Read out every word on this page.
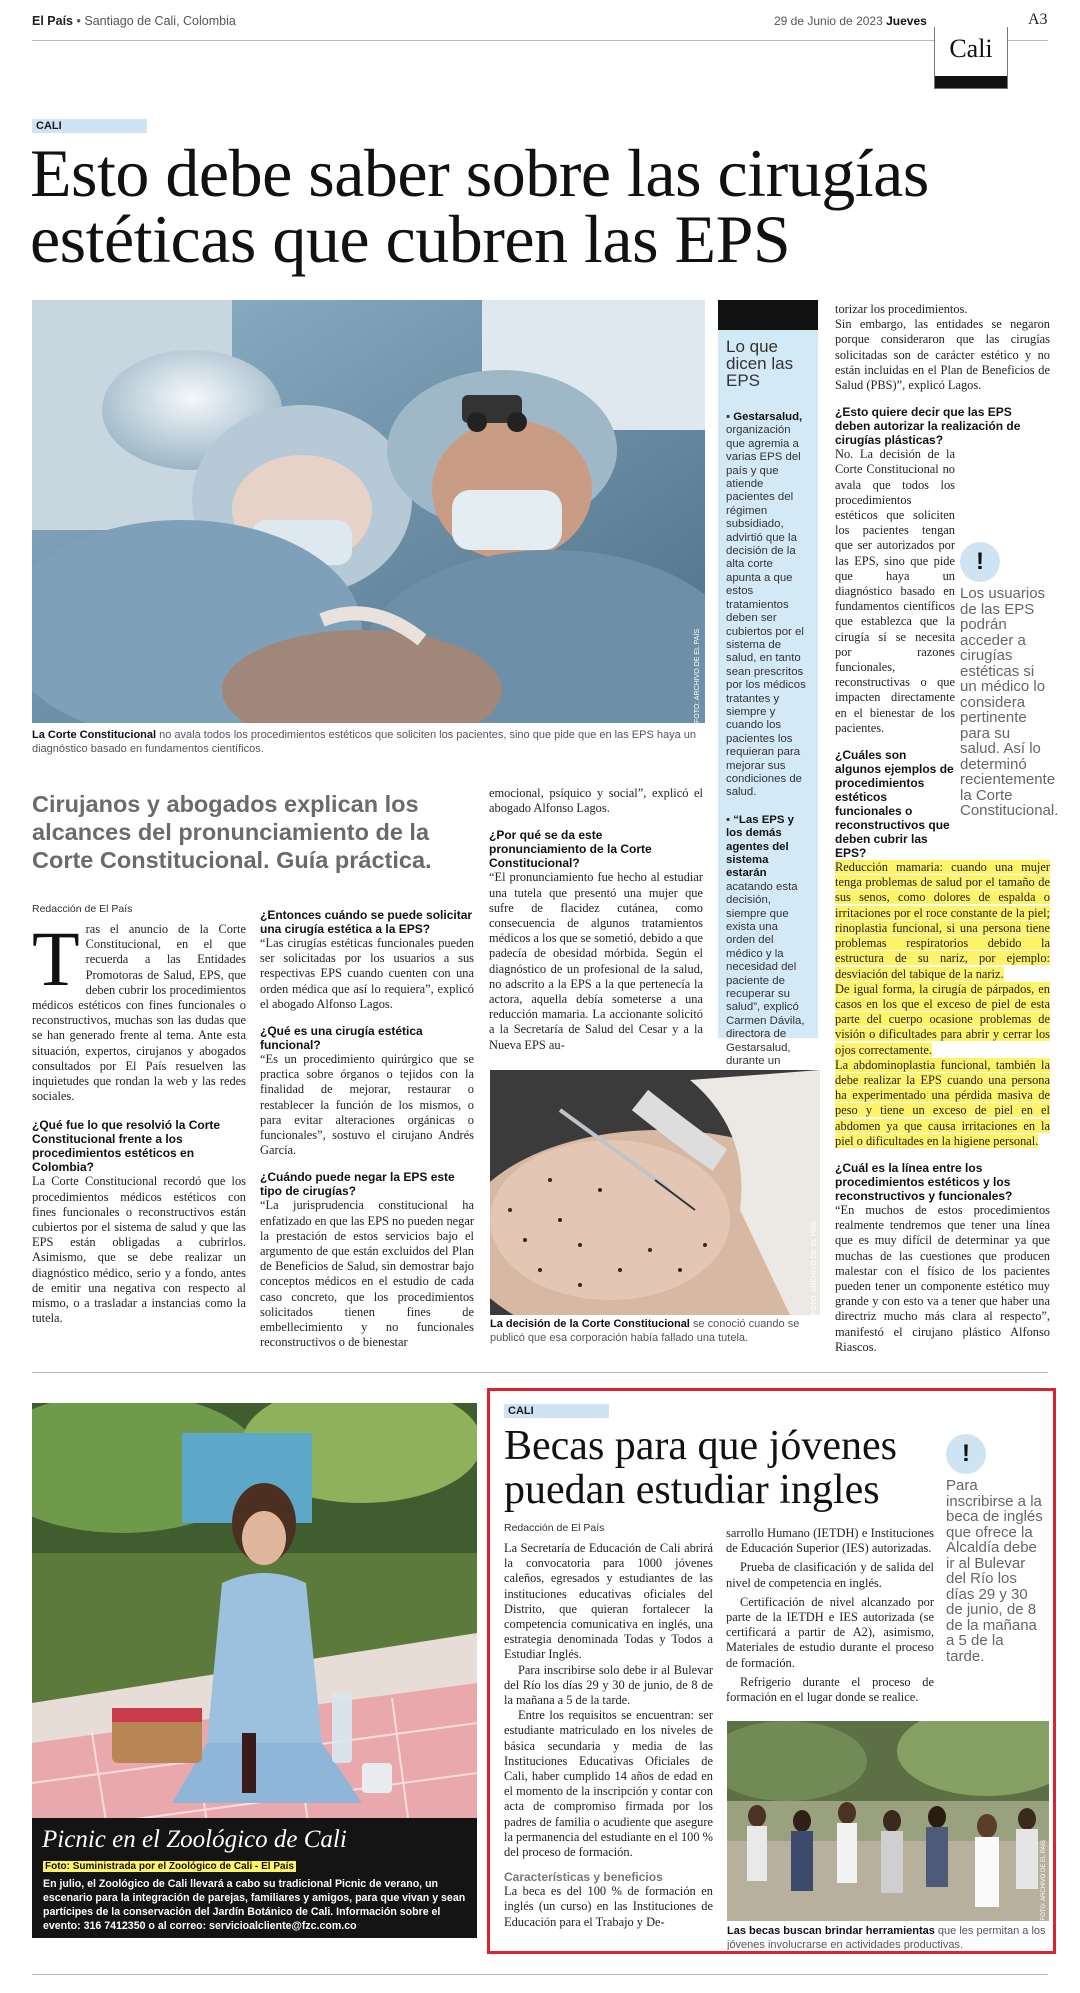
El País • Santiago de Cali, Colombia	29 de Junio de 2023 Jueves	A3
Cali
CALI
Esto debe saber sobre las cirugías estéticas que cubren las EPS
FOTO: ARCHIVO DE EL PAÍS
La Corte Constitucional no avala todos los procedimientos estéticos que soliciten los pacientes, sino que pide que en las EPS haya un diagnóstico basado en fundamentos científicos.
Cirujanos y abogados explican los alcances del pronunciamiento de la Corte Constitucional. Guía práctica.
Redacción de El País
T ras el anuncio de la Corte Constitucional, en el que recuerda a las Entidades Promotoras de Salud, EPS, que deben cubrir los procedimientos médicos estéticos con fines funcionales o reconstructivos, muchas son las dudas que se han generado frente al tema. Ante esta situación, expertos, cirujanos y abogados consultados por El País resuelven las inquietudes que rondan la web y las redes sociales.

¿Qué fue lo que resolvió la Corte Constitucional frente a los procedimientos estéticos en Colombia?

La Corte Constitucional recordó que los procedimientos médicos estéticos con fines funcionales o reconstructivos están cubiertos por el sistema de salud y que las EPS están obligadas a cubrirlos. Asimismo, que se debe realizar un diagnóstico médico, serio y a fondo, antes de emitir una negativa con respecto al mismo, o a trasladar a instancias como la tutela.

¿Entonces cuándo se puede solicitar una cirugía estética a la EPS?

“Las cirugías estéticas funcionales pueden ser solicitadas por los usuarios a sus respectivas EPS cuando cuenten con una orden médica que así lo requiera”, explicó el abogado Alfonso Lagos.

¿Qué es una cirugía estética funcional?

“Es un procedimiento quirúrgico que se practica sobre órganos o tejidos con la finalidad de mejorar, restaurar o restablecer la función de los mismos, o para evitar alteraciones orgánicas o funcionales”, sostuvo el cirujano Andrés García.

¿Cuándo puede negar la EPS este tipo de cirugías?

“La jurisprudencia constitucional ha enfatizado en que las EPS no pueden negar la prestación de estos servicios bajo el argumento de que están excluidos del Plan de Beneficios de Salud, sin demostrar bajo conceptos médicos en el estudio de cada caso concreto, que los procedimientos solicitados tienen fines de embellecimiento y no funcionales reconstructivos o de bienestar

emocional, psíquico y social”, explicó el abogado Alfonso Lagos.

¿Por qué se da este pronunciamiento de la Corte Constitucional?

“El pronunciamiento fue hecho al estudiar una tutela que presentó una mujer que sufre de flacidez cutánea, como consecuencia de algunos tratamientos médicos a los que se sometió, debido a que padecía de obesidad mórbida. Según el diagnóstico de un profesional de la salud, no adscrito a la EPS a la que pertenecía la actora, aquella debía someterse a una reducción mamaria. La accionante solicitó a la Secretaría de Salud del Cesar y a la Nueva EPS au-

Lo que dicen las EPS

▪ Gestarsalud, organización que agremia a varias EPS del país y que atiende pacientes del régimen subsidiado, advirtió que la decisión de la alta corte apunta a que estos tratamientos deben ser cubiertos por el sistema de salud, en tanto sean prescritos por los médicos tratantes y siempre y cuando los pacientes los requieran para mejorar sus condiciones de salud.

▪ “Las EPS y los demás agentes del sistema estarán acatando esta decisión, siempre que exista una orden del médico y la necesidad del paciente de recuperar su salud”, explicó Carmen Dávila, directora de Gestarsalud, durante un

FOTO: ARCHIVO DE EL PAÍS
La decisión de la Corte Constitucional se conoció cuando se publicó que esa corporación había fallado una tutela.

torizar los procedimientos.

Sin embargo, las entidades se negaron porque consideraron que las cirugías solicitadas son de carácter estético y no están incluidas en el Plan de Beneficios de Salud (PBS)”, explicó Lagos.

¿Esto quiere decir que las EPS deben autorizar la realización de cirugías plásticas?

No. La decisión de la Corte Constitucional no avala que todos los procedimientos estéticos que soliciten los pacientes tengan que ser autorizados por las EPS, sino que pide que haya un diagnóstico basado en fundamentos científicos que establezca que la cirugía sí se necesita por razones funcionales, reconstructivas o que impacten directamente en el bienestar de los pacientes.

¿Cuáles son algunos ejemplos de procedimientos estéticos funcionales o reconstructivos que deben cubrir las EPS?

Reducción mamaria: cuando una mujer tenga problemas de salud por el tamaño de sus senos, como dolores de espalda o irritaciones por el roce constante de la piel; rinoplastia funcional, si una persona tiene problemas respiratorios debido la estructura de su nariz, por ejemplo: desviación del tabique de la nariz.

De igual forma, la cirugía de párpados, en casos en los que el exceso de piel de esta parte del cuerpo ocasione problemas de visión o dificultades para abrir y cerrar los ojos correctamente.

La abdominoplastia funcional, también la debe realizar la EPS cuando una persona ha experimentado una pérdida masiva de peso y tiene un exceso de piel en el abdomen ya que causa irritaciones en la piel o dificultades en la higiene personal.

¿Cuál es la línea entre los procedimientos estéticos y los reconstructivos y funcionales?

“En muchos de estos procedimientos realmente tendremos que tener una línea que es muy difícil de determinar ya que muchas de las cuestiones que producen malestar con el físico de los pacientes pueden tener un componente estético muy grande y con esto va a tener que haber una directriz mucho más clara al respecto”, manifestó el cirujano plástico Alfonso Riascos.

!

Los usuarios de las EPS podrán acceder a cirugías estéticas si un médico lo considera pertinente para su salud. Así lo determinó recientemente la Corte Constitucional.

Picnic en el Zoológico de Cali
Foto: Suministrada por el Zoológico de Cali - El País
En julio, el Zoológico de Cali llevará a cabo su tradicional Picnic de verano, un escenario para la integración de parejas, familiares y amigos, para que vivan y sean partícipes de la conservación del Jardín Botánico de Cali. Información sobre el evento: 316 7412350 o al correo: servicioalcliente@fzc.com.co
CALI
Becas para que jóvenes puedan estudiar ingles
Redacción de El País

La Secretaría de Educación de Cali abrirá la convocatoria para 1000 jóvenes caleños, egresados y estudiantes de las instituciones educativas oficiales del Distrito, que quieran fortalecer la competencia comunicativa en inglés, una estrategia denominada Todas y Todos a Estudiar Inglés.

Para inscribirse solo debe ir al Bulevar del Río los días 29 y 30 de junio, de 8 de la mañana a 5 de la tarde.

Entre los requisitos se encuentran: ser estudiante matriculado en los niveles de básica secundaria y media de las Instituciones Educativas Oficiales de Cali, haber cumplido 14 años de edad en el momento de la inscripción y contar con acta de compromiso firmada por los padres de familia o acudiente que asegure la permanencia del estudiante en el 100 % del proceso de formación.

Características y beneficios

La beca es del 100 % de formación en inglés (un curso) en las Instituciones de Educación para el Trabajo y De-

sarrollo Humano (IETDH) e Instituciones de Educación Superior (IES) autorizadas.

Prueba de clasificación y de salida del nivel de competencia en inglés.

Certificación de nivel alcanzado por parte de la IETDH e IES autorizada (se certificará a partir de A2), asimismo, Materiales de estudio durante el proceso de formación.

Refrigerio durante el proceso de formación en el lugar donde se realice.

!

Para inscribirse a la beca de inglés que ofrece la Alcaldía debe ir al Bulevar del Río los días 29 y 30 de junio, de 8 de la mañana a 5 de la tarde.

FOTO: ARCHIVO DE EL PAÍS
Las becas buscan brindar herramientas que les permitan a los jóvenes involucrarse en actividades productivas.
